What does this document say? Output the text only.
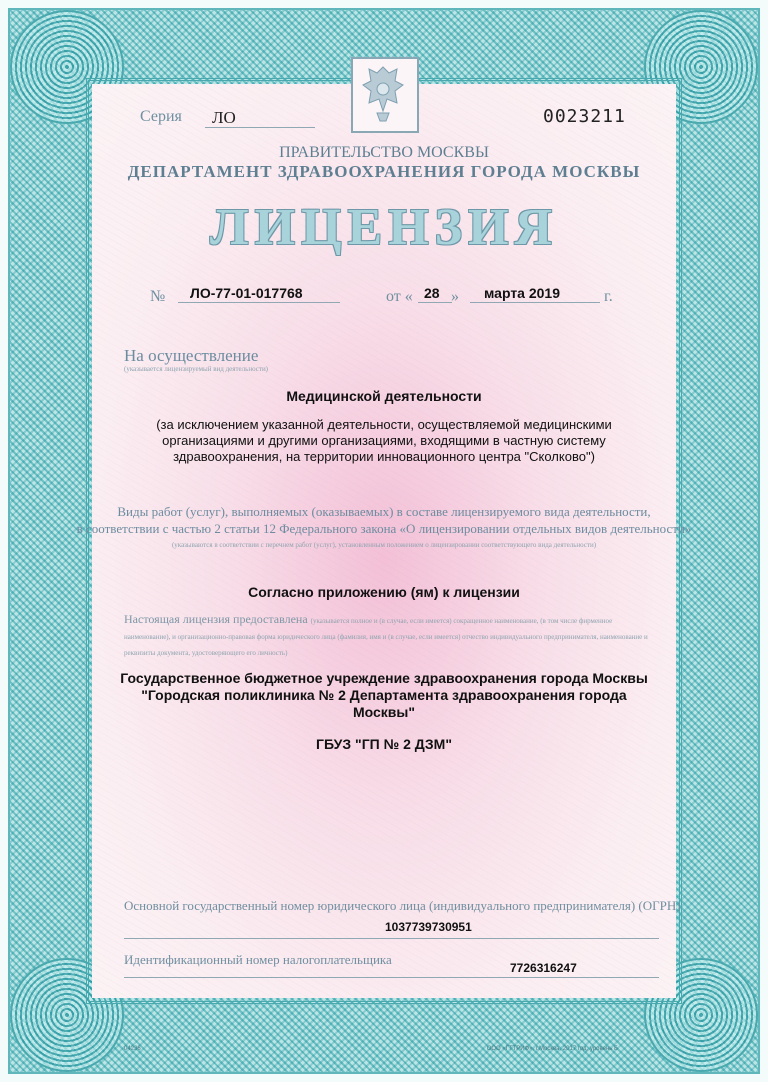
Серия ЛО	0023211
ПРАВИТЕЛЬСТВО МОСКВЫ
ДЕПАРТАМЕНТ ЗДРАВООХРАНЕНИЯ ГОРОДА МОСКВЫ
ЛИЦЕНЗИЯ
№ ЛО-77-01-017768	от « 28 » марта 2019	г.
На осуществление
(указывается лицензируемый вид деятельности)
Медицинской деятельности
(за исключением указанной деятельности, осуществляемой медицинскими организациями и другими организациями, входящими в частную систему здравоохранения, на территории инновационного центра "Сколково")
Виды работ (услуг), выполняемых (оказываемых) в составе лицензируемого вида деятельности,
в соответствии с частью 2 статьи 12 Федерального закона «О лицензировании отдельных видов деятельности»
(указываются в соответствии с перечнем работ (услуг), установленным положением о лицензировании соответствующего вида деятельности)
Согласно приложению (ям) к лицензии
Настоящая лицензия предоставлена (указывается полное и (в случае, если имеется) сокращенное наименование, (в том числе фирменное наименование), и организационно-правовая форма юридического лица (фамилия, имя и (в случае, если имеется) отчество индивидуального предпринимателя, наименование и реквизиты документа, удостоверяющего его личность)
Государственное бюджетное учреждение здравоохранения города Москвы "Городская поликлиника № 2 Департамента здравоохранения города Москвы"
ГБУЗ "ГП № 2 ДЗМ"
Основной государственный номер юридического лица (индивидуального предпринимателя) (ОГРН)
1037739730951
Идентификационный номер налогоплательщика
7726316247
04236	ООО «ГТТРИФ», г.Москва, 2017 год, уровень Б
